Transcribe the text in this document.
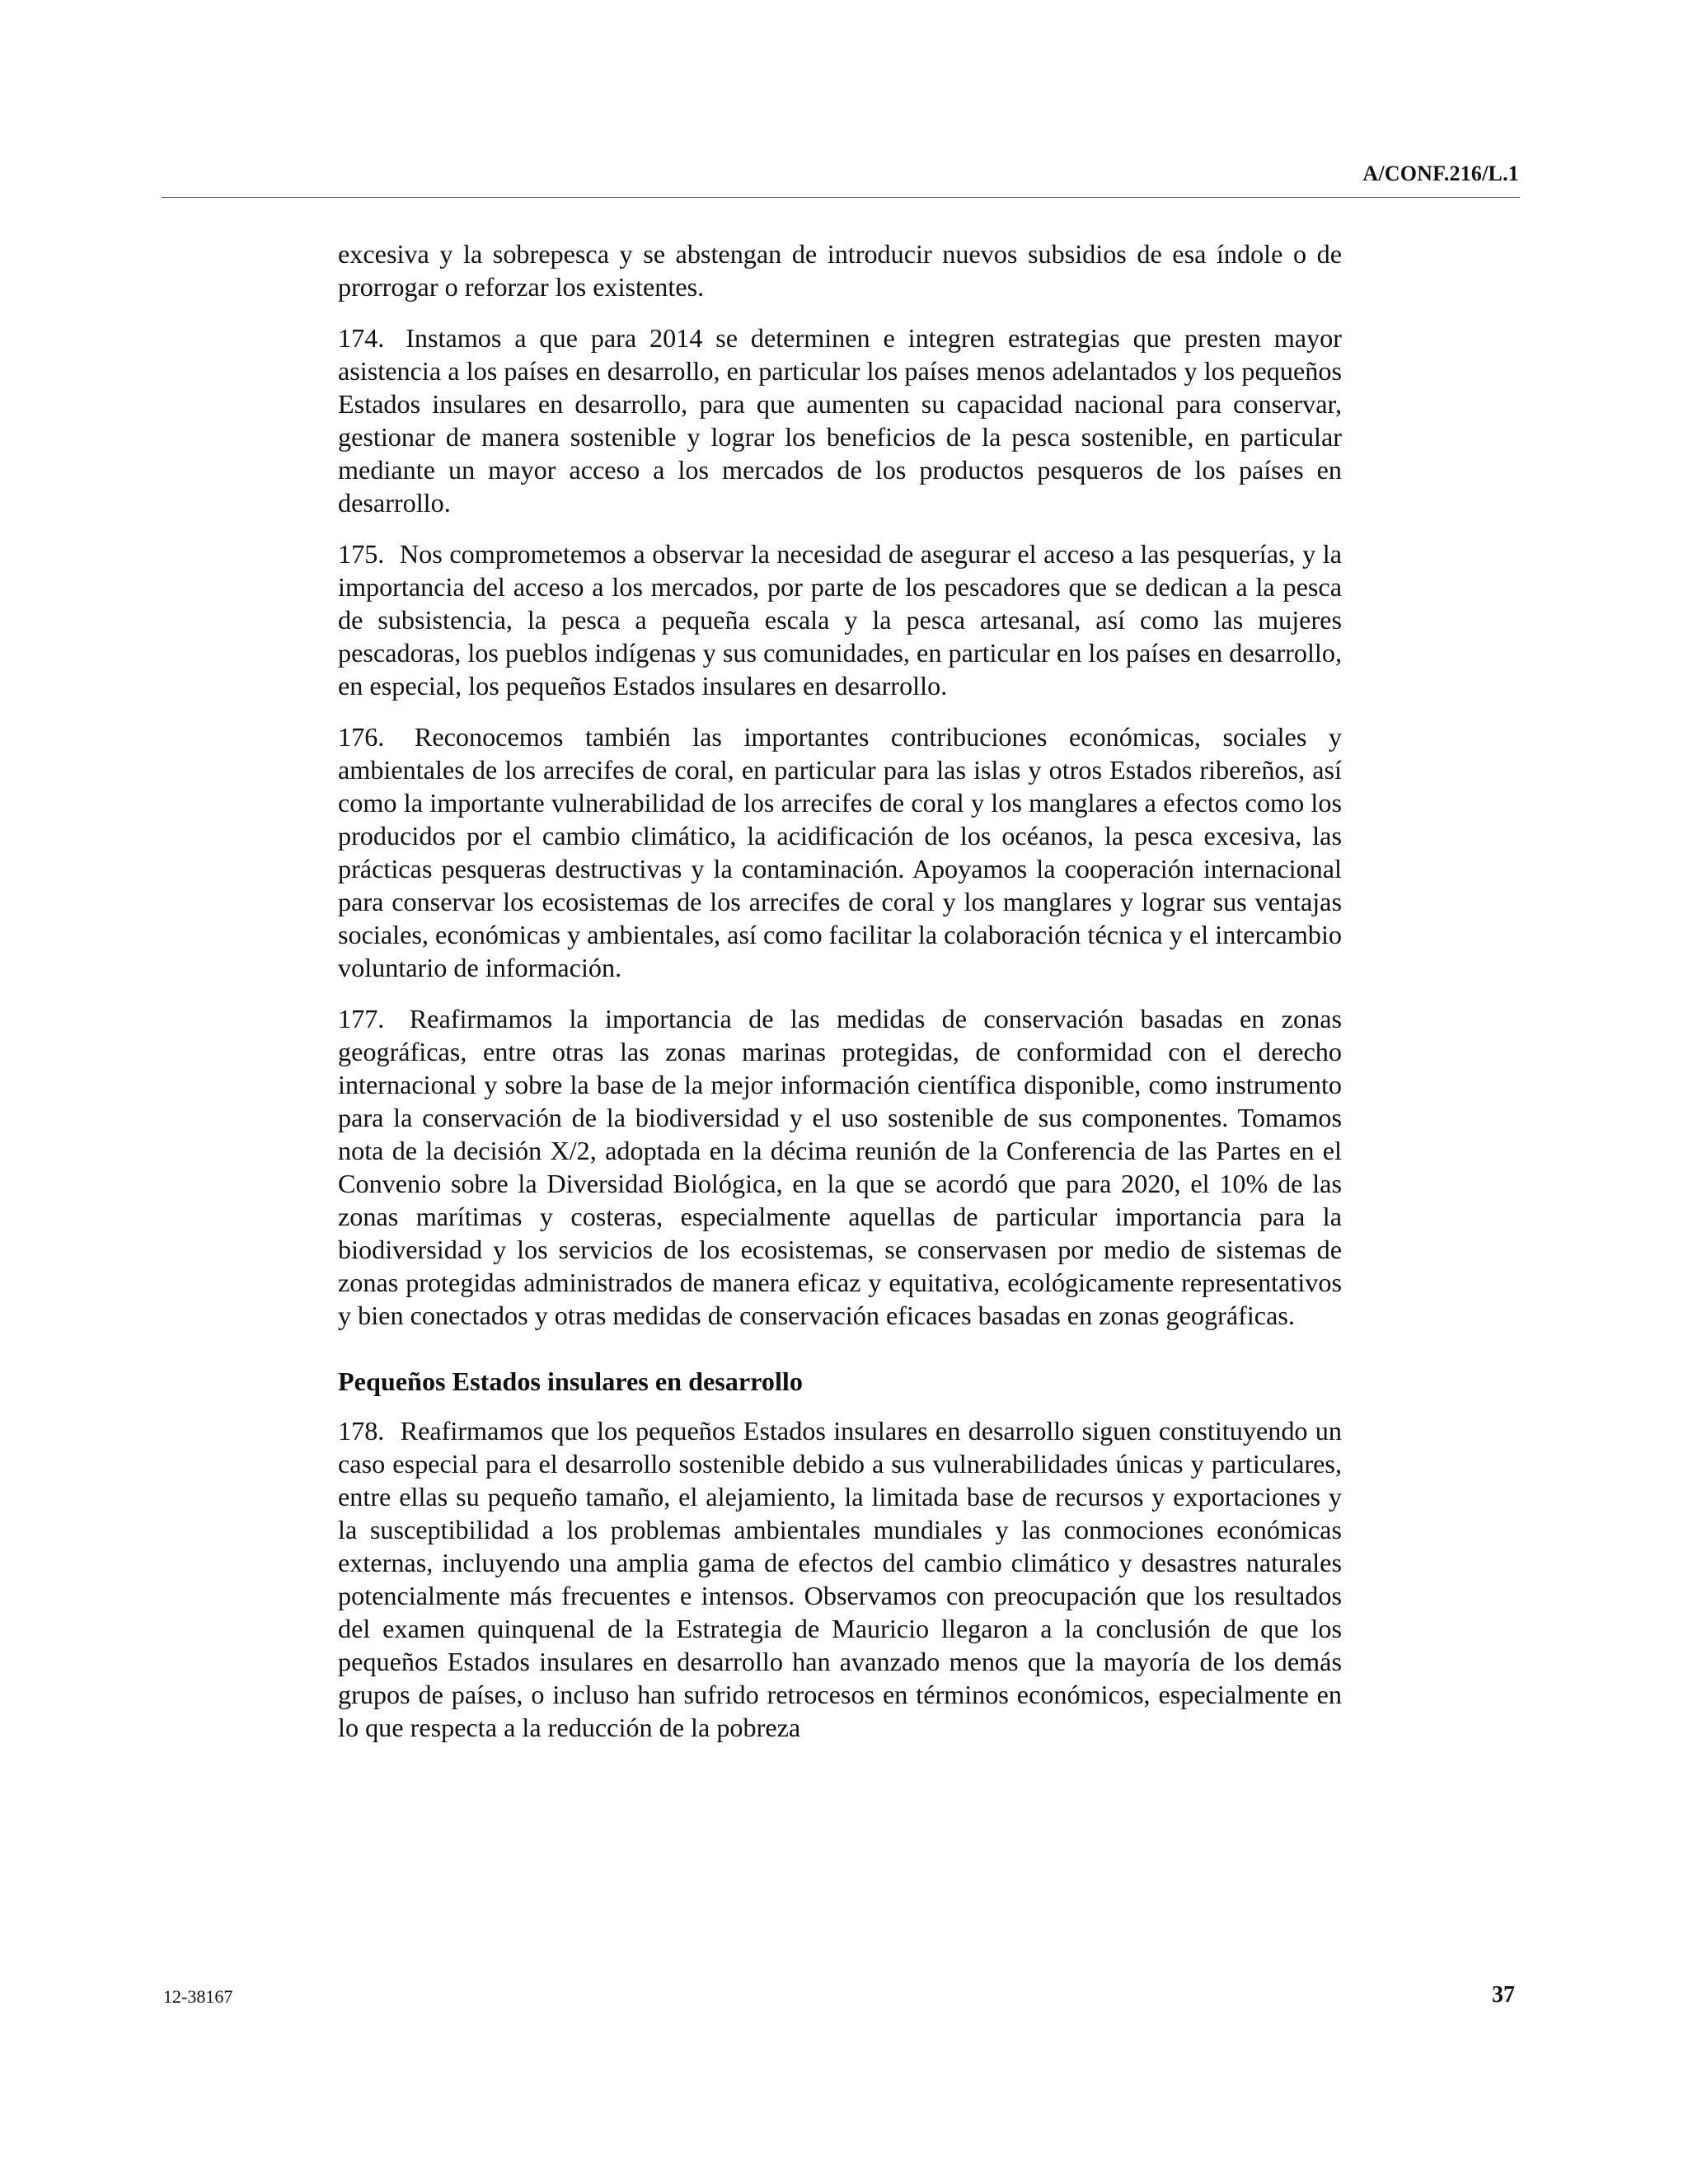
A/CONF.216/L.1

excesiva y la sobrepesca y se abstengan de introducir nuevos subsidios de esa índole o de prorrogar o reforzar los existentes.

174. Instamos a que para 2014 se determinen e integren estrategias que presten mayor asistencia a los países en desarrollo, en particular los países menos adelantados y los pequeños Estados insulares en desarrollo, para que aumenten su capacidad nacional para conservar, gestionar de manera sostenible y lograr los beneficios de la pesca sostenible, en particular mediante un mayor acceso a los mercados de los productos pesqueros de los países en desarrollo.

175. Nos comprometemos a observar la necesidad de asegurar el acceso a las pesquerías, y la importancia del acceso a los mercados, por parte de los pescadores que se dedican a la pesca de subsistencia, la pesca a pequeña escala y la pesca artesanal, así como las mujeres pescadoras, los pueblos indígenas y sus comunidades, en particular en los países en desarrollo, en especial, los pequeños Estados insulares en desarrollo.

176. Reconocemos también las importantes contribuciones económicas, sociales y ambientales de los arrecifes de coral, en particular para las islas y otros Estados ribereños, así como la importante vulnerabilidad de los arrecifes de coral y los manglares a efectos como los producidos por el cambio climático, la acidificación de los océanos, la pesca excesiva, las prácticas pesqueras destructivas y la contaminación. Apoyamos la cooperación internacional para conservar los ecosistemas de los arrecifes de coral y los manglares y lograr sus ventajas sociales, económicas y ambientales, así como facilitar la colaboración técnica y el intercambio voluntario de información.

177. Reafirmamos la importancia de las medidas de conservación basadas en zonas geográficas, entre otras las zonas marinas protegidas, de conformidad con el derecho internacional y sobre la base de la mejor información científica disponible, como instrumento para la conservación de la biodiversidad y el uso sostenible de sus componentes. Tomamos nota de la decisión X/2, adoptada en la décima reunión de la Conferencia de las Partes en el Convenio sobre la Diversidad Biológica, en la que se acordó que para 2020, el 10% de las zonas marítimas y costeras, especialmente aquellas de particular importancia para la biodiversidad y los servicios de los ecosistemas, se conservasen por medio de sistemas de zonas protegidas administrados de manera eficaz y equitativa, ecológicamente representativos y bien conectados y otras medidas de conservación eficaces basadas en zonas geográficas.

Pequeños Estados insulares en desarrollo

178. Reafirmamos que los pequeños Estados insulares en desarrollo siguen constituyendo un caso especial para el desarrollo sostenible debido a sus vulnerabilidades únicas y particulares, entre ellas su pequeño tamaño, el alejamiento, la limitada base de recursos y exportaciones y la susceptibilidad a los problemas ambientales mundiales y las conmociones económicas externas, incluyendo una amplia gama de efectos del cambio climático y desastres naturales potencialmente más frecuentes e intensos. Observamos con preocupación que los resultados del examen quinquenal de la Estrategia de Mauricio llegaron a la conclusión de que los pequeños Estados insulares en desarrollo han avanzado menos que la mayoría de los demás grupos de países, o incluso han sufrido retrocesos en términos económicos, especialmente en lo que respecta a la reducción de la pobreza

12-38167	37
